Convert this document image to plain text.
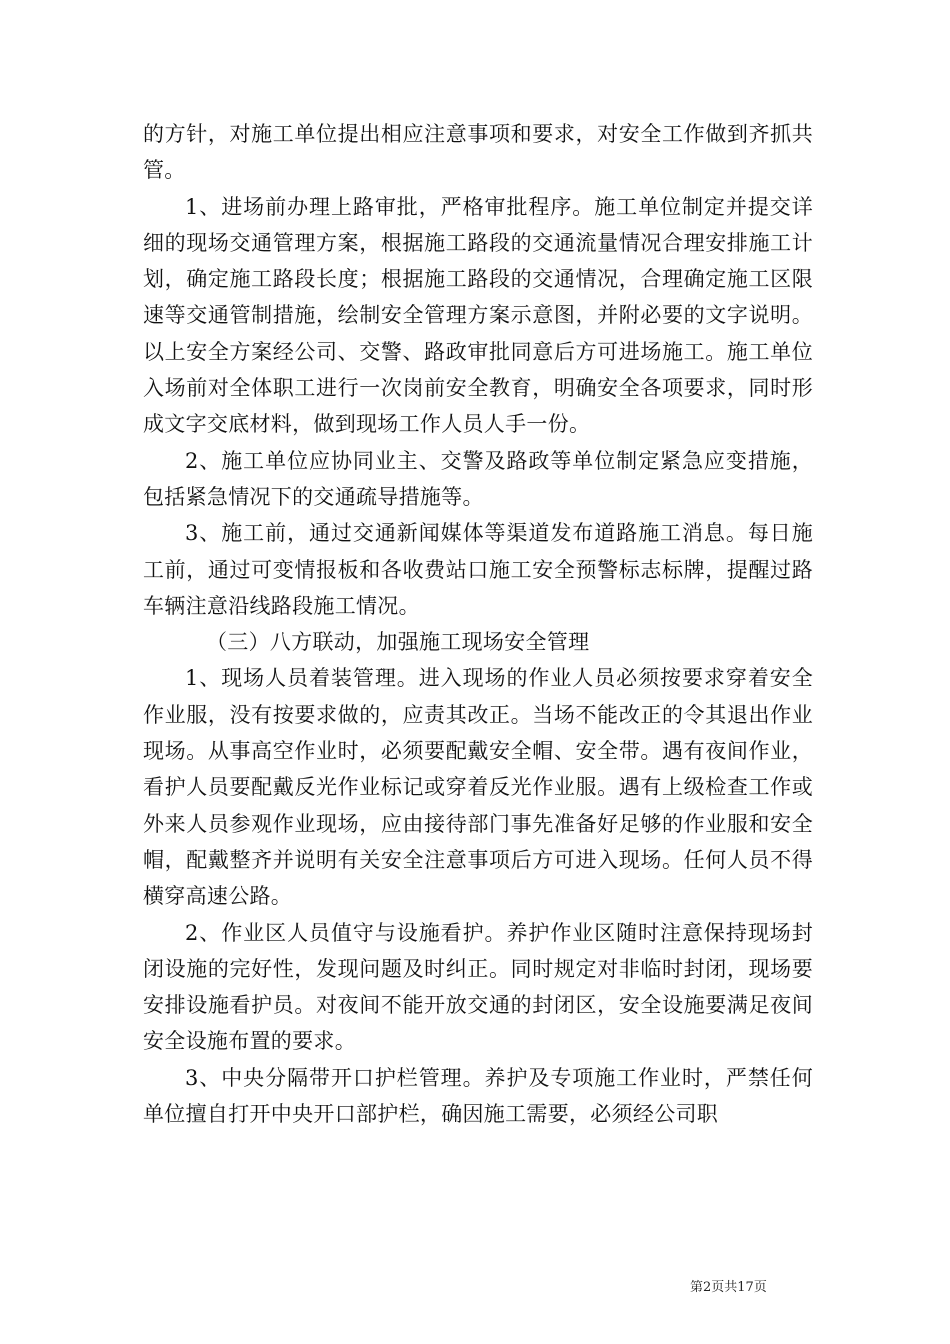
的方针，对施工单位提出相应注意事项和要求，对安全工作做到齐抓共管。

1、进场前办理上路审批，严格审批程序。施工单位制定并提交详细的现场交通管理方案，根据施工路段的交通流量情况合理安排施工计划，确定施工路段长度；根据施工路段的交通情况，合理确定施工区限速等交通管制措施，绘制安全管理方案示意图，并附必要的文字说明。以上安全方案经公司、交警、路政审批同意后方可进场施工。施工单位入场前对全体职工进行一次岗前安全教育，明确安全各项要求，同时形成文字交底材料，做到现场工作人员人手一份。

2、施工单位应协同业主、交警及路政等单位制定紧急应变措施，包括紧急情况下的交通疏导措施等。

3、施工前，通过交通新闻媒体等渠道发布道路施工消息。每日施工前，通过可变情报板和各收费站口施工安全预警标志标牌，提醒过路车辆注意沿线路段施工情况。

（三）八方联动，加强施工现场安全管理

1、现场人员着装管理。进入现场的作业人员必须按要求穿着安全作业服，没有按要求做的，应责其改正。当场不能改正的令其退出作业现场。从事高空作业时，必须要配戴安全帽、安全带。遇有夜间作业，看护人员要配戴反光作业标记或穿着反光作业服。遇有上级检查工作或外来人员参观作业现场，应由接待部门事先准备好足够的作业服和安全帽，配戴整齐并说明有关安全注意事项后方可进入现场。任何人员不得横穿高速公路。

2、作业区人员值守与设施看护。养护作业区随时注意保持现场封闭设施的完好性，发现问题及时纠正。同时规定对非临时封闭，现场要安排设施看护员。对夜间不能开放交通的封闭区，安全设施要满足夜间安全设施布置的要求。

3、中央分隔带开口护栏管理。养护及专项施工作业时，严禁任何单位擅自打开中央开口部护栏，确因施工需要，必须经公司职

第2页共17页
